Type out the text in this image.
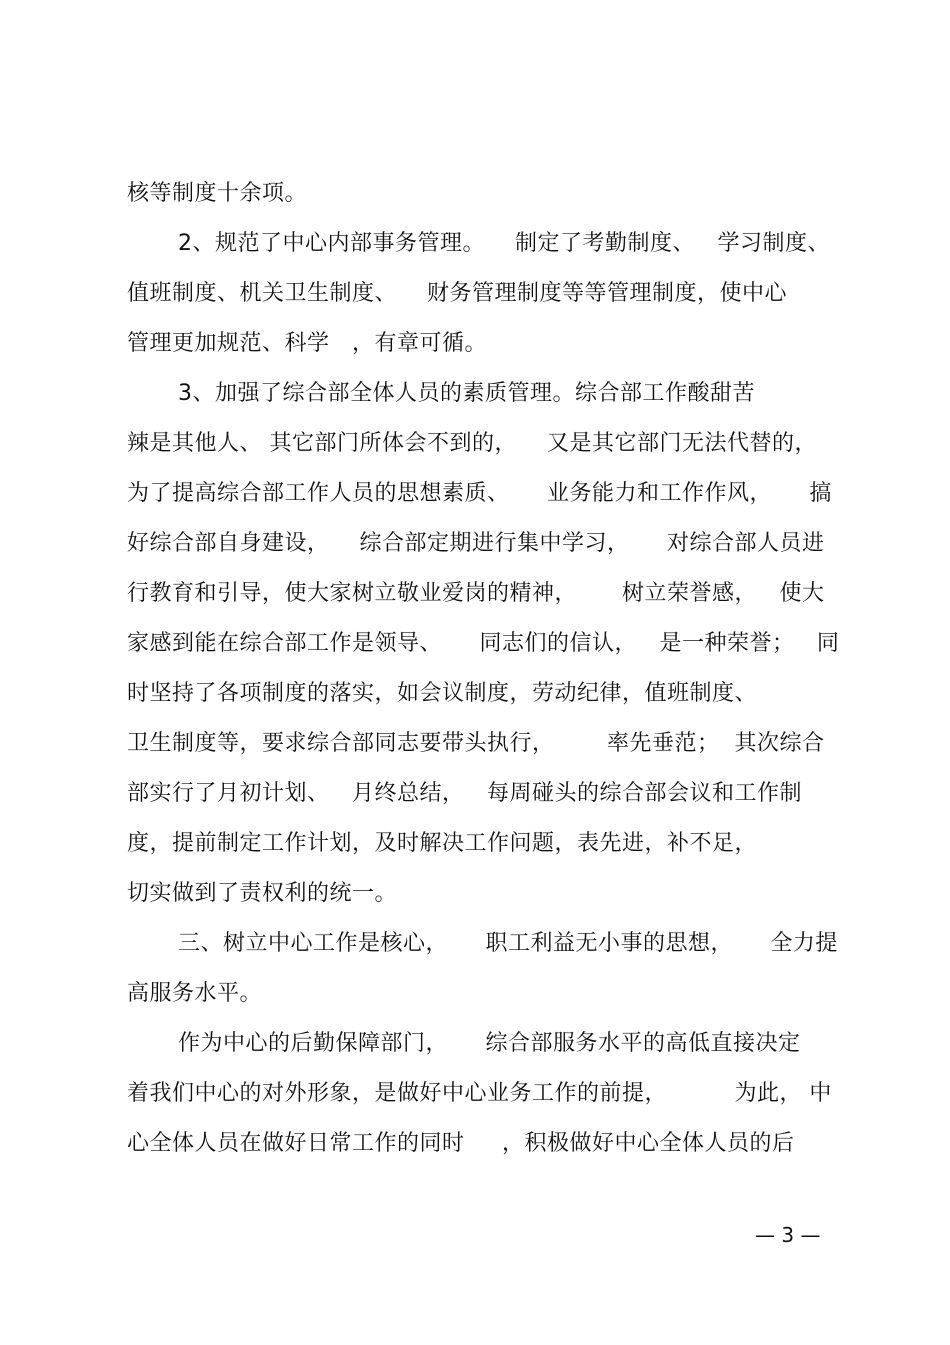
核等制度十余项。
2、规范了中心内部事务管理。    制定了考勤制度、   学习制度、
值班制度、机关卫生制度、    财务管理制度等等管理制度，使中心
管理更加规范、科学   ，有章可循。
3、加强了综合部全体人员的素质管理。综合部工作酸甜苦
辣是其他人、 其它部门所体会不到的，    又是其它部门无法代替的，
为了提高综合部工作人员的思想素质、     业务能力和工作作风，     搞
好综合部自身建设，    综合部定期进行集中学习，     对综合部人员进
行教育和引导，使大家树立敬业爱岗的精神，      树立荣誉感，   使大
家感到能在综合部工作是领导、     同志们的信认，   是一种荣誉；   同
时坚持了各项制度的落实，如会议制度，劳动纪律，值班制度、
卫生制度等，要求综合部同志要带头执行，       率先垂范；  其次综合
部实行了月初计划、   月终总结，   每周碰头的综合部会议和工作制
度，提前制定工作计划，及时解决工作问题，表先进，补不足，
切实做到了责权利的统一。
三、树立中心工作是核心，     职工利益无小事的思想，     全力提
高服务水平。
作为中心的后勤保障部门，     综合部服务水平的高低直接决定
着我们中心的对外形象，是做好中心业务工作的前提，         为此， 中
心全体人员在做好日常工作的同时     ，积极做好中心全体人员的后
— 3 —
